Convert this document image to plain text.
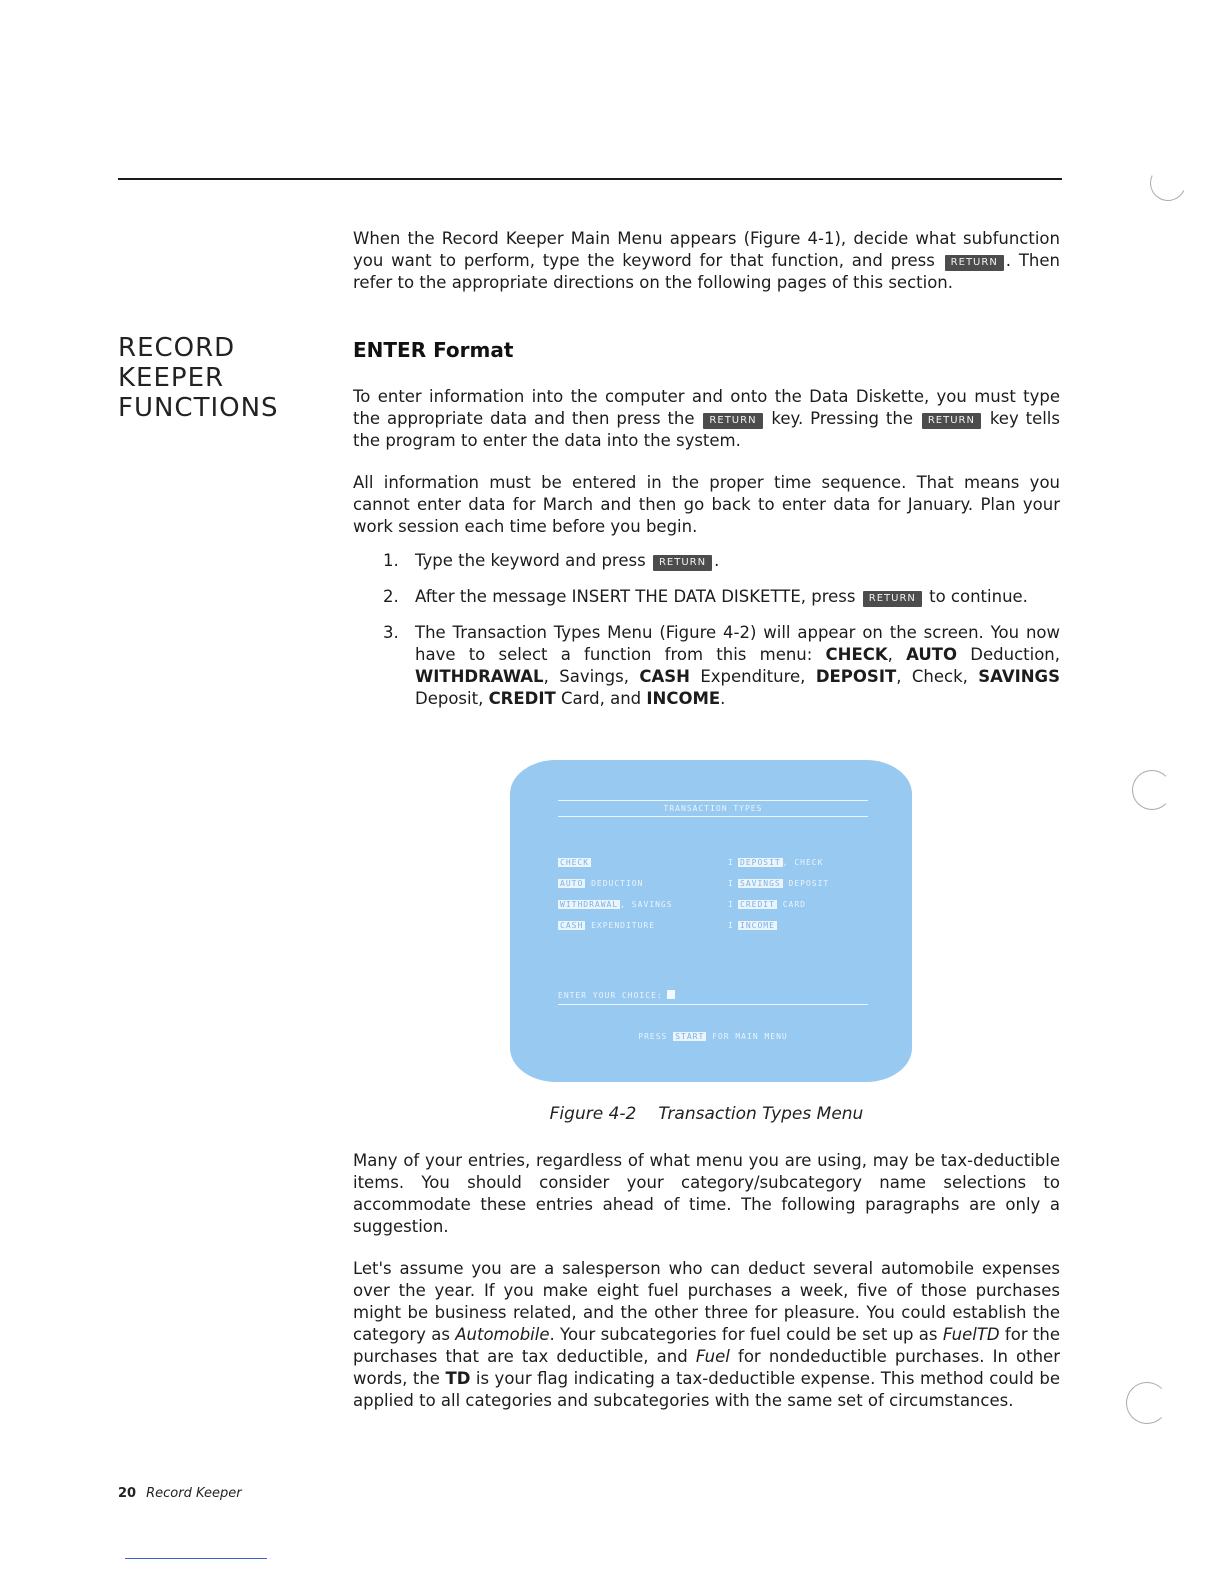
When the Record Keeper Main Menu appears (Figure 4-1), decide what subfunction you want to perform, type the keyword for that function, and press RETURN . Then refer to the appropriate directions on the following pages of this section.
RECORD
KEEPER
FUNCTIONS
ENTER Format
To enter information into the computer and onto the Data Diskette, you must type the appropriate data and then press the RETURN key. Pressing the RETURN key tells the program to enter the data into the system.
All information must be entered in the proper time sequence. That means you cannot enter data for March and then go back to enter data for January. Plan your work session each time before you begin.
1. Type the keyword and press RETURN .
2. After the message INSERT THE DATA DISKETTE, press RETURN to continue.
3. The Transaction Types Menu (Figure 4-2) will appear on the screen. You now have to select a function from this menu: CHECK, AUTO Deduction, WITHDRAWAL, Savings, CASH Expenditure, DEPOSIT, Check, SAVINGS Deposit, CREDIT Card, and INCOME.
TRANSACTION TYPES
CHECK	I DEPOSIT , CHECK
AUTO DEDUCTION	I SAVINGS DEPOSIT
WITHDRAWAL , SAVINGS	I CREDIT CARD
CASH EXPENDITURE	I INCOME
ENTER YOUR CHOICE:
PRESS START FOR MAIN MENU
Figure 4-2 Transaction Types Menu
Many of your entries, regardless of what menu you are using, may be tax-deductible items. You should consider your category/subcategory name selections to accommodate these entries ahead of time. The following paragraphs are only a suggestion.
Let's assume you are a salesperson who can deduct several automobile expenses over the year. If you make eight fuel purchases a week, five of those purchases might be business related, and the other three for pleasure. You could establish the category as Automobile. Your subcategories for fuel could be set up as FuelTD for the purchases that are tax deductible, and Fuel for nondeductible purchases. In other words, the TD is your flag indicating a tax-deductible expense. This method could be applied to all categories and subcategories with the same set of circumstances.
20 Record Keeper
